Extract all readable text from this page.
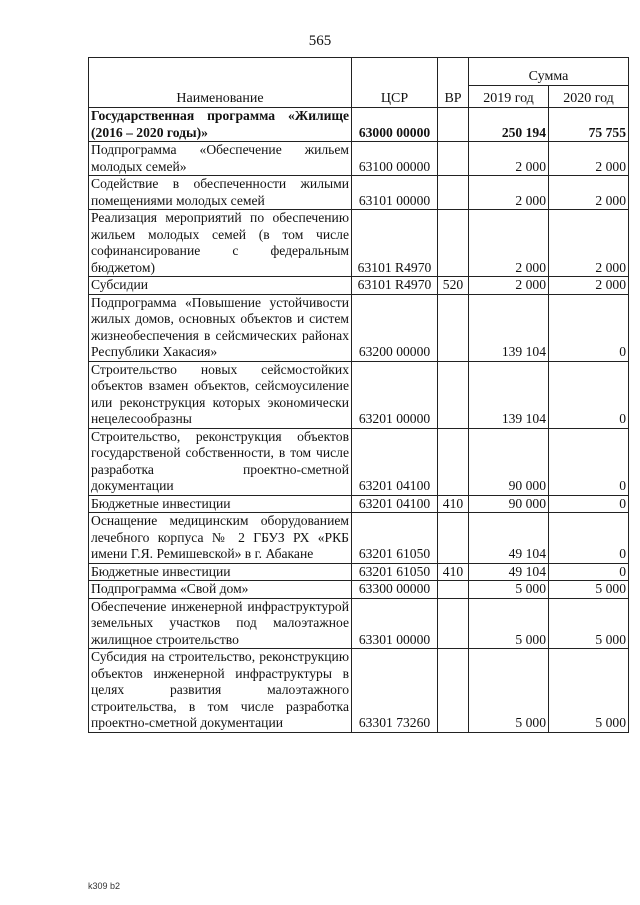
565
Наименование	ЦСР	ВР	Сумма	
			2019 год	2020 год
Государственная программа «Жилище (2016 – 2020 годы)»	63000 00000		250 194	75 755
Подпрограмма «Обеспечение жильем молодых семей»	63100 00000		2 000	2 000
Содействие в обеспеченности жилыми помещениями молодых семей	63101 00000		2 000	2 000
Реализация мероприятий по обеспечению жильем молодых семей (в том числе софинансирование с федеральным бюджетом)	63101 R4970		2 000	2 000
Субсидии	63101 R4970	520	2 000	2 000
Подпрограмма «Повышение устойчивости жилых домов, основных объектов и систем жизнеобеспечения в сейсмических районах Республики Хакасия»	63200 00000		139 104	0
Строительство новых сейсмостойких объектов взамен объектов, сейсмоусиление или реконструкция которых экономически нецелесообразны	63201 00000		139 104	0
Строительство, реконструкция объектов государственой собственности, в том числе разработка проектно-сметной документации	63201 04100		90 000	0
Бюджетные инвестиции	63201 04100	410	90 000	0
Оснащение медицинским оборудованием лечебного корпуса № 2 ГБУЗ РХ «РКБ имени Г.Я. Ремишевской» в г. Абакане	63201 61050		49 104	0
Бюджетные инвестиции	63201 61050	410	49 104	0
Подпрограмма «Свой дом»	63300 00000		5 000	5 000
Обеспечение инженерной инфраструктурой земельных участков под малоэтажное жилищное строительство	63301 00000		5 000	5 000
Субсидия на строительство, реконструкцию объектов инженерной инфраструктуры в целях развития малоэтажного строительства, в том числе разработка проектно-сметной документации	63301 73260		5 000	5 000
k309 b2
